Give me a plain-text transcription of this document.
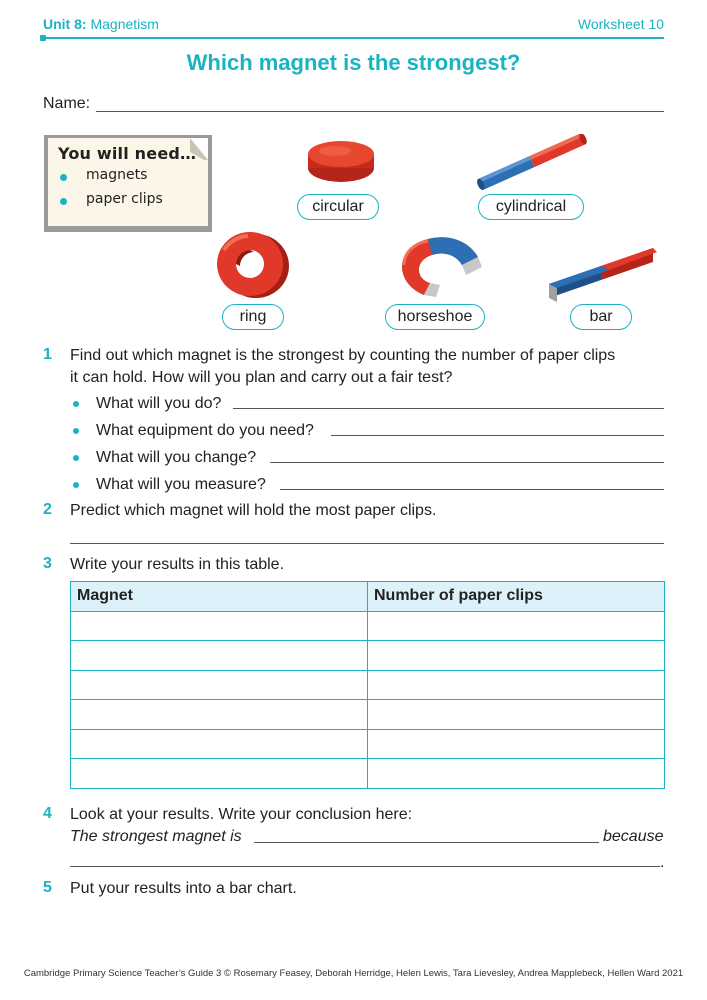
Unit 8: Magnetism	Worksheet 10
Which magnet is the strongest?
Name:
You will need…
magnets
paper clips	circular	cylindrical
ring	horseshoe	bar
1 Find out which magnet is the strongest by counting the number of paper clips
it can hold. How will you plan and carry out a fair test?
What will you do?
What equipment do you need?
What will you change?
What will you measure?
2 Predict which magnet will hold the most paper clips.
3 Write your results in this table.
Magnet	Number of paper clips

4 Look at your results. Write your conclusion here:
The strongest magnet is	because
.
5 Put your results into a bar chart.
Cambridge Primary Science Teacher’s Guide 3 © Rosemary Feasey, Deborah Herridge, Helen Lewis, Tara Lievesley, Andrea Mapplebeck, Hellen Ward 2021
